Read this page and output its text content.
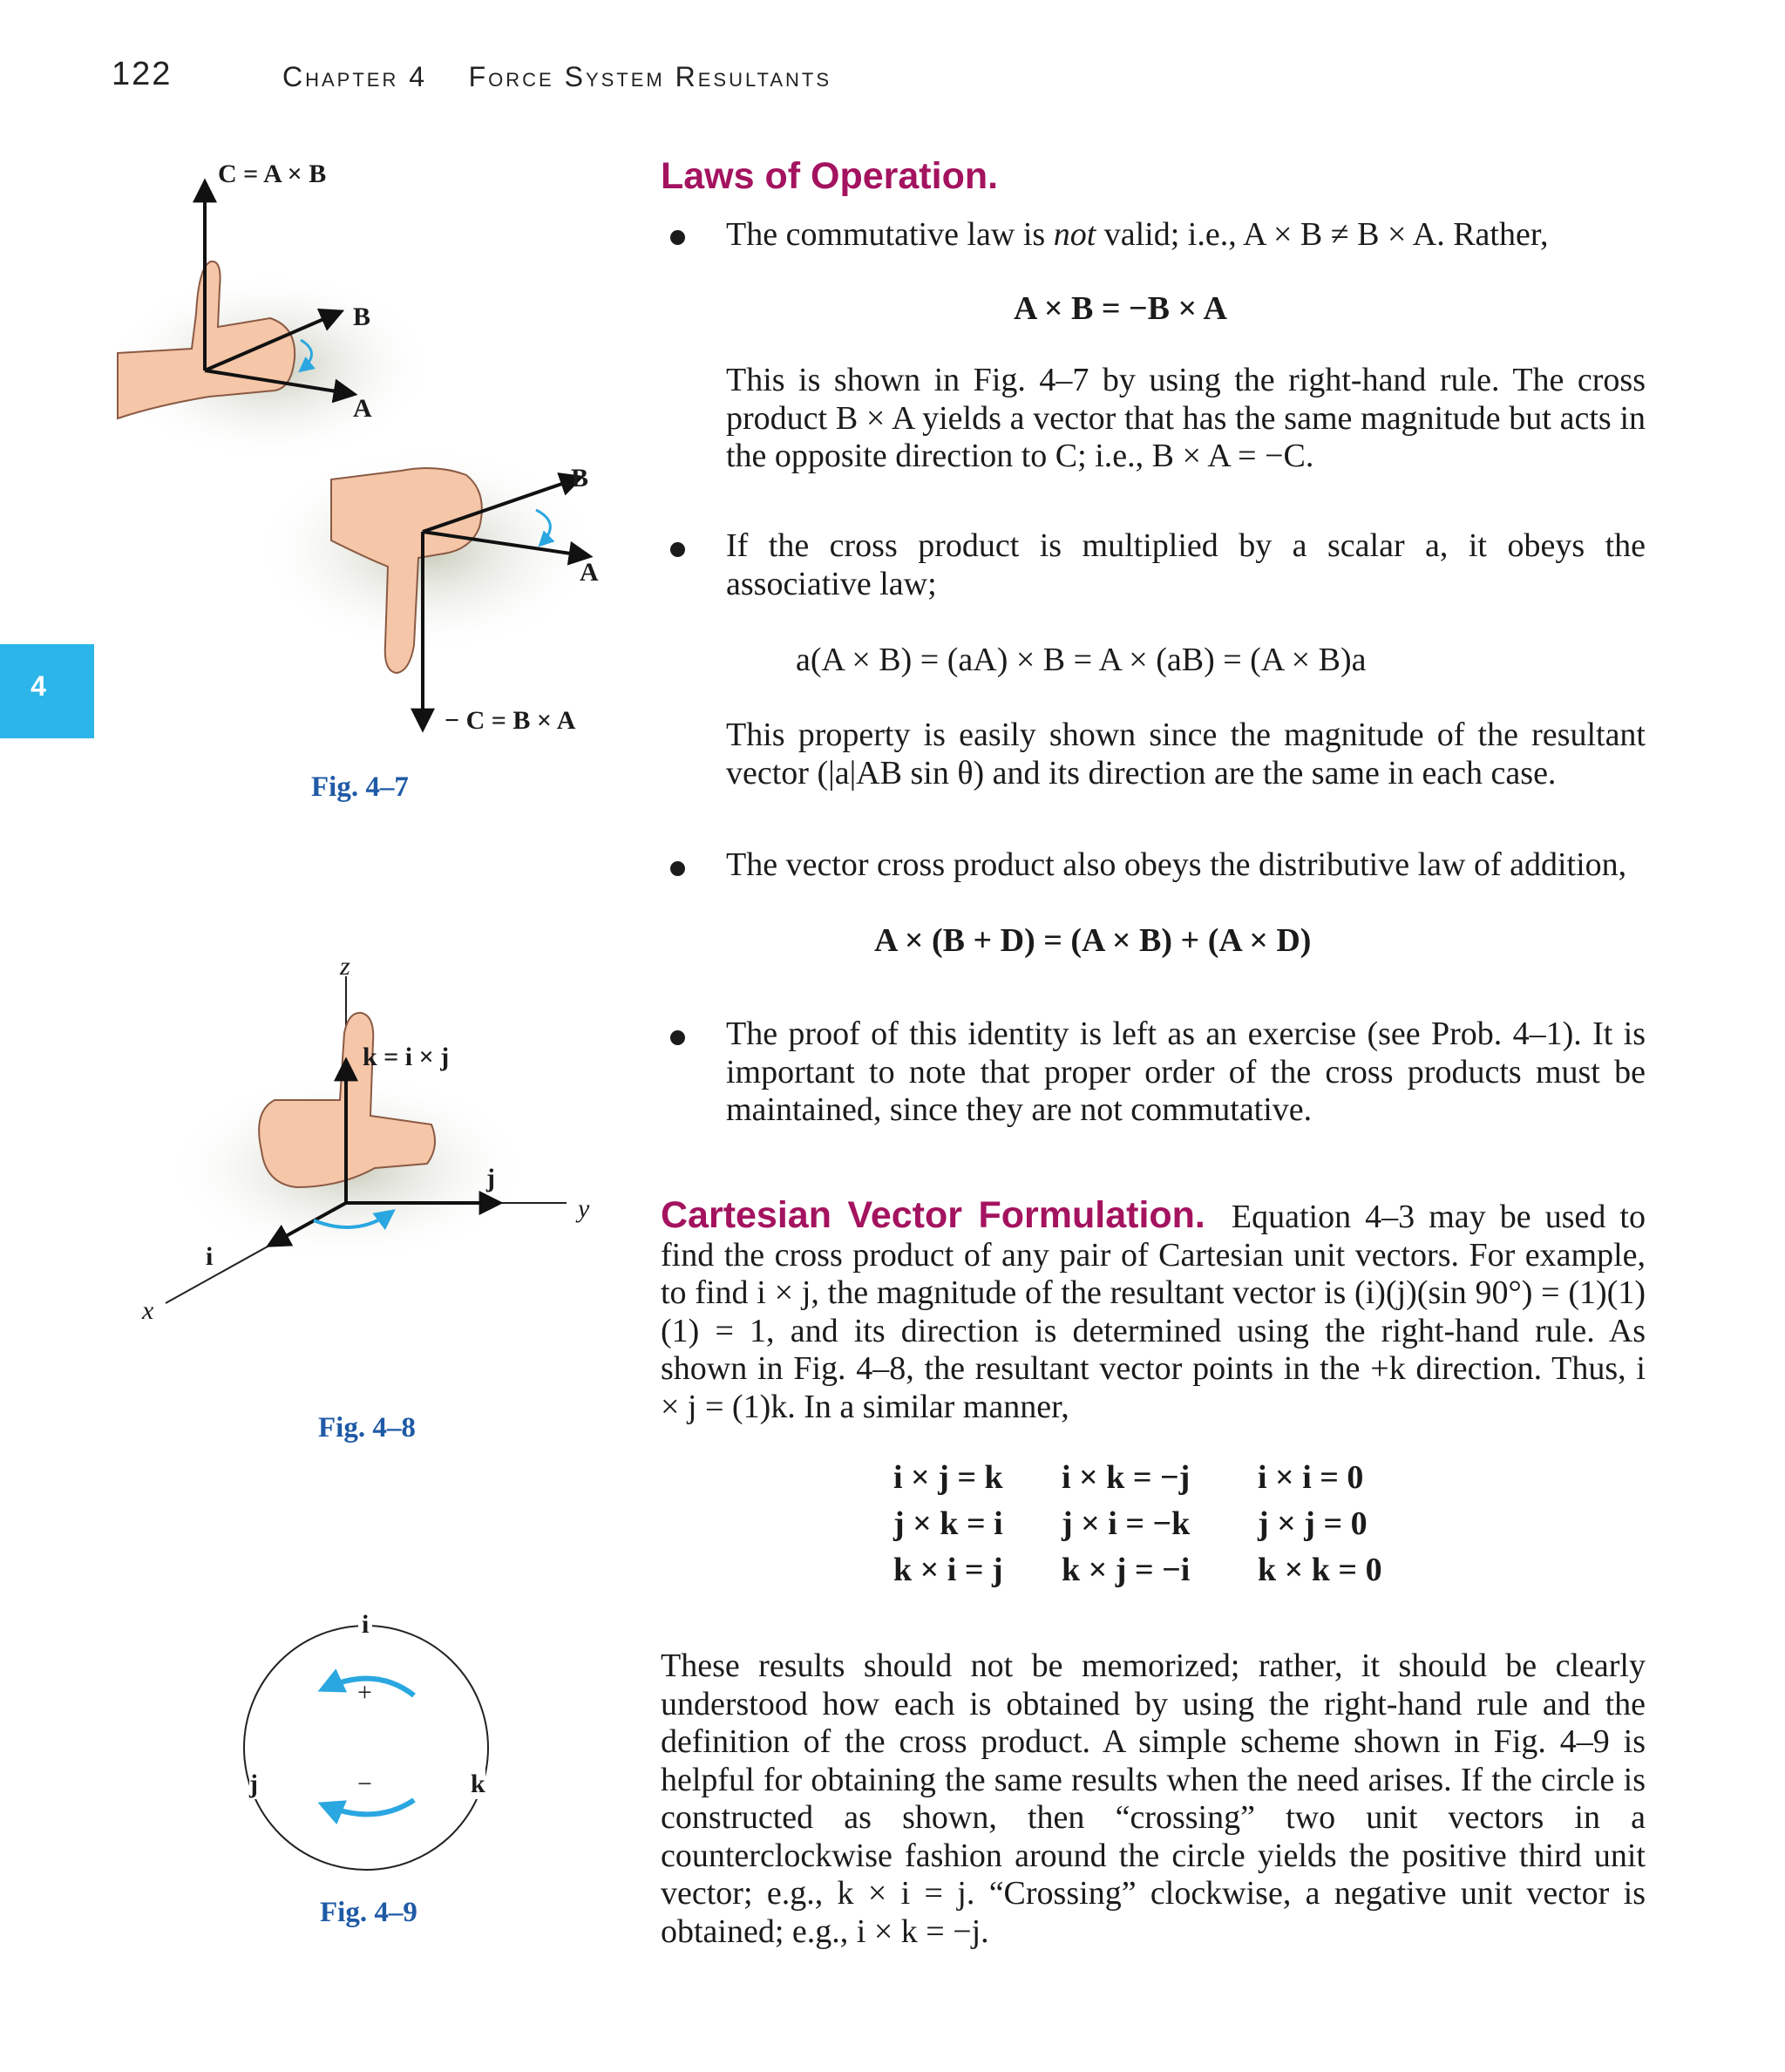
122	Chapter 4    Force System Resultants
4
C = A × B
B
A
B
A
− C = B × A
Fig. 4–7
z
k = i × j
j
y
i
x
Fig. 4–8
i
j	k
+
−
Fig. 4–9
Laws of Operation.
The commutative law is not valid; i.e., A × B ≠ B × A. Rather,
A × B = −B × A
This is shown in Fig. 4–7 by using the right-hand rule. The cross product B × A yields a vector that has the same magnitude but acts in the opposite direction to C; i.e., B × A = −C.
If the cross product is multiplied by a scalar a, it obeys the associative law;
a(A × B) = (aA) × B = A × (aB) = (A × B)a
This property is easily shown since the magnitude of the resultant vector (|a|AB sin θ) and its direction are the same in each case.
The vector cross product also obeys the distributive law of addition,
A × (B + D) = (A × B) + (A × D)
The proof of this identity is left as an exercise (see Prob. 4–1). It is important to note that proper order of the cross products must be maintained, since they are not commutative.
Cartesian Vector Formulation. Equation 4–3 may be used to find the cross product of any pair of Cartesian unit vectors. For example, to find i × j, the magnitude of the resultant vector is (i)(j)(sin 90°) = (1)(1)(1) = 1, and its direction is determined using the right-hand rule. As shown in Fig. 4–8, the resultant vector points in the +k direction. Thus, i × j = (1)k. In a similar manner,
i × j = k i × k = −j i × i = 0
j × k = i j × i = −k j × j = 0
k × i = j k × j = −i k × k = 0
These results should not be memorized; rather, it should be clearly understood how each is obtained by using the right-hand rule and the definition of the cross product. A simple scheme shown in Fig. 4–9 is helpful for obtaining the same results when the need arises. If the circle is constructed as shown, then “crossing” two unit vectors in a counterclockwise fashion around the circle yields the positive third unit vector; e.g., k × i = j. “Crossing” clockwise, a negative unit vector is obtained; e.g., i × k = −j.
